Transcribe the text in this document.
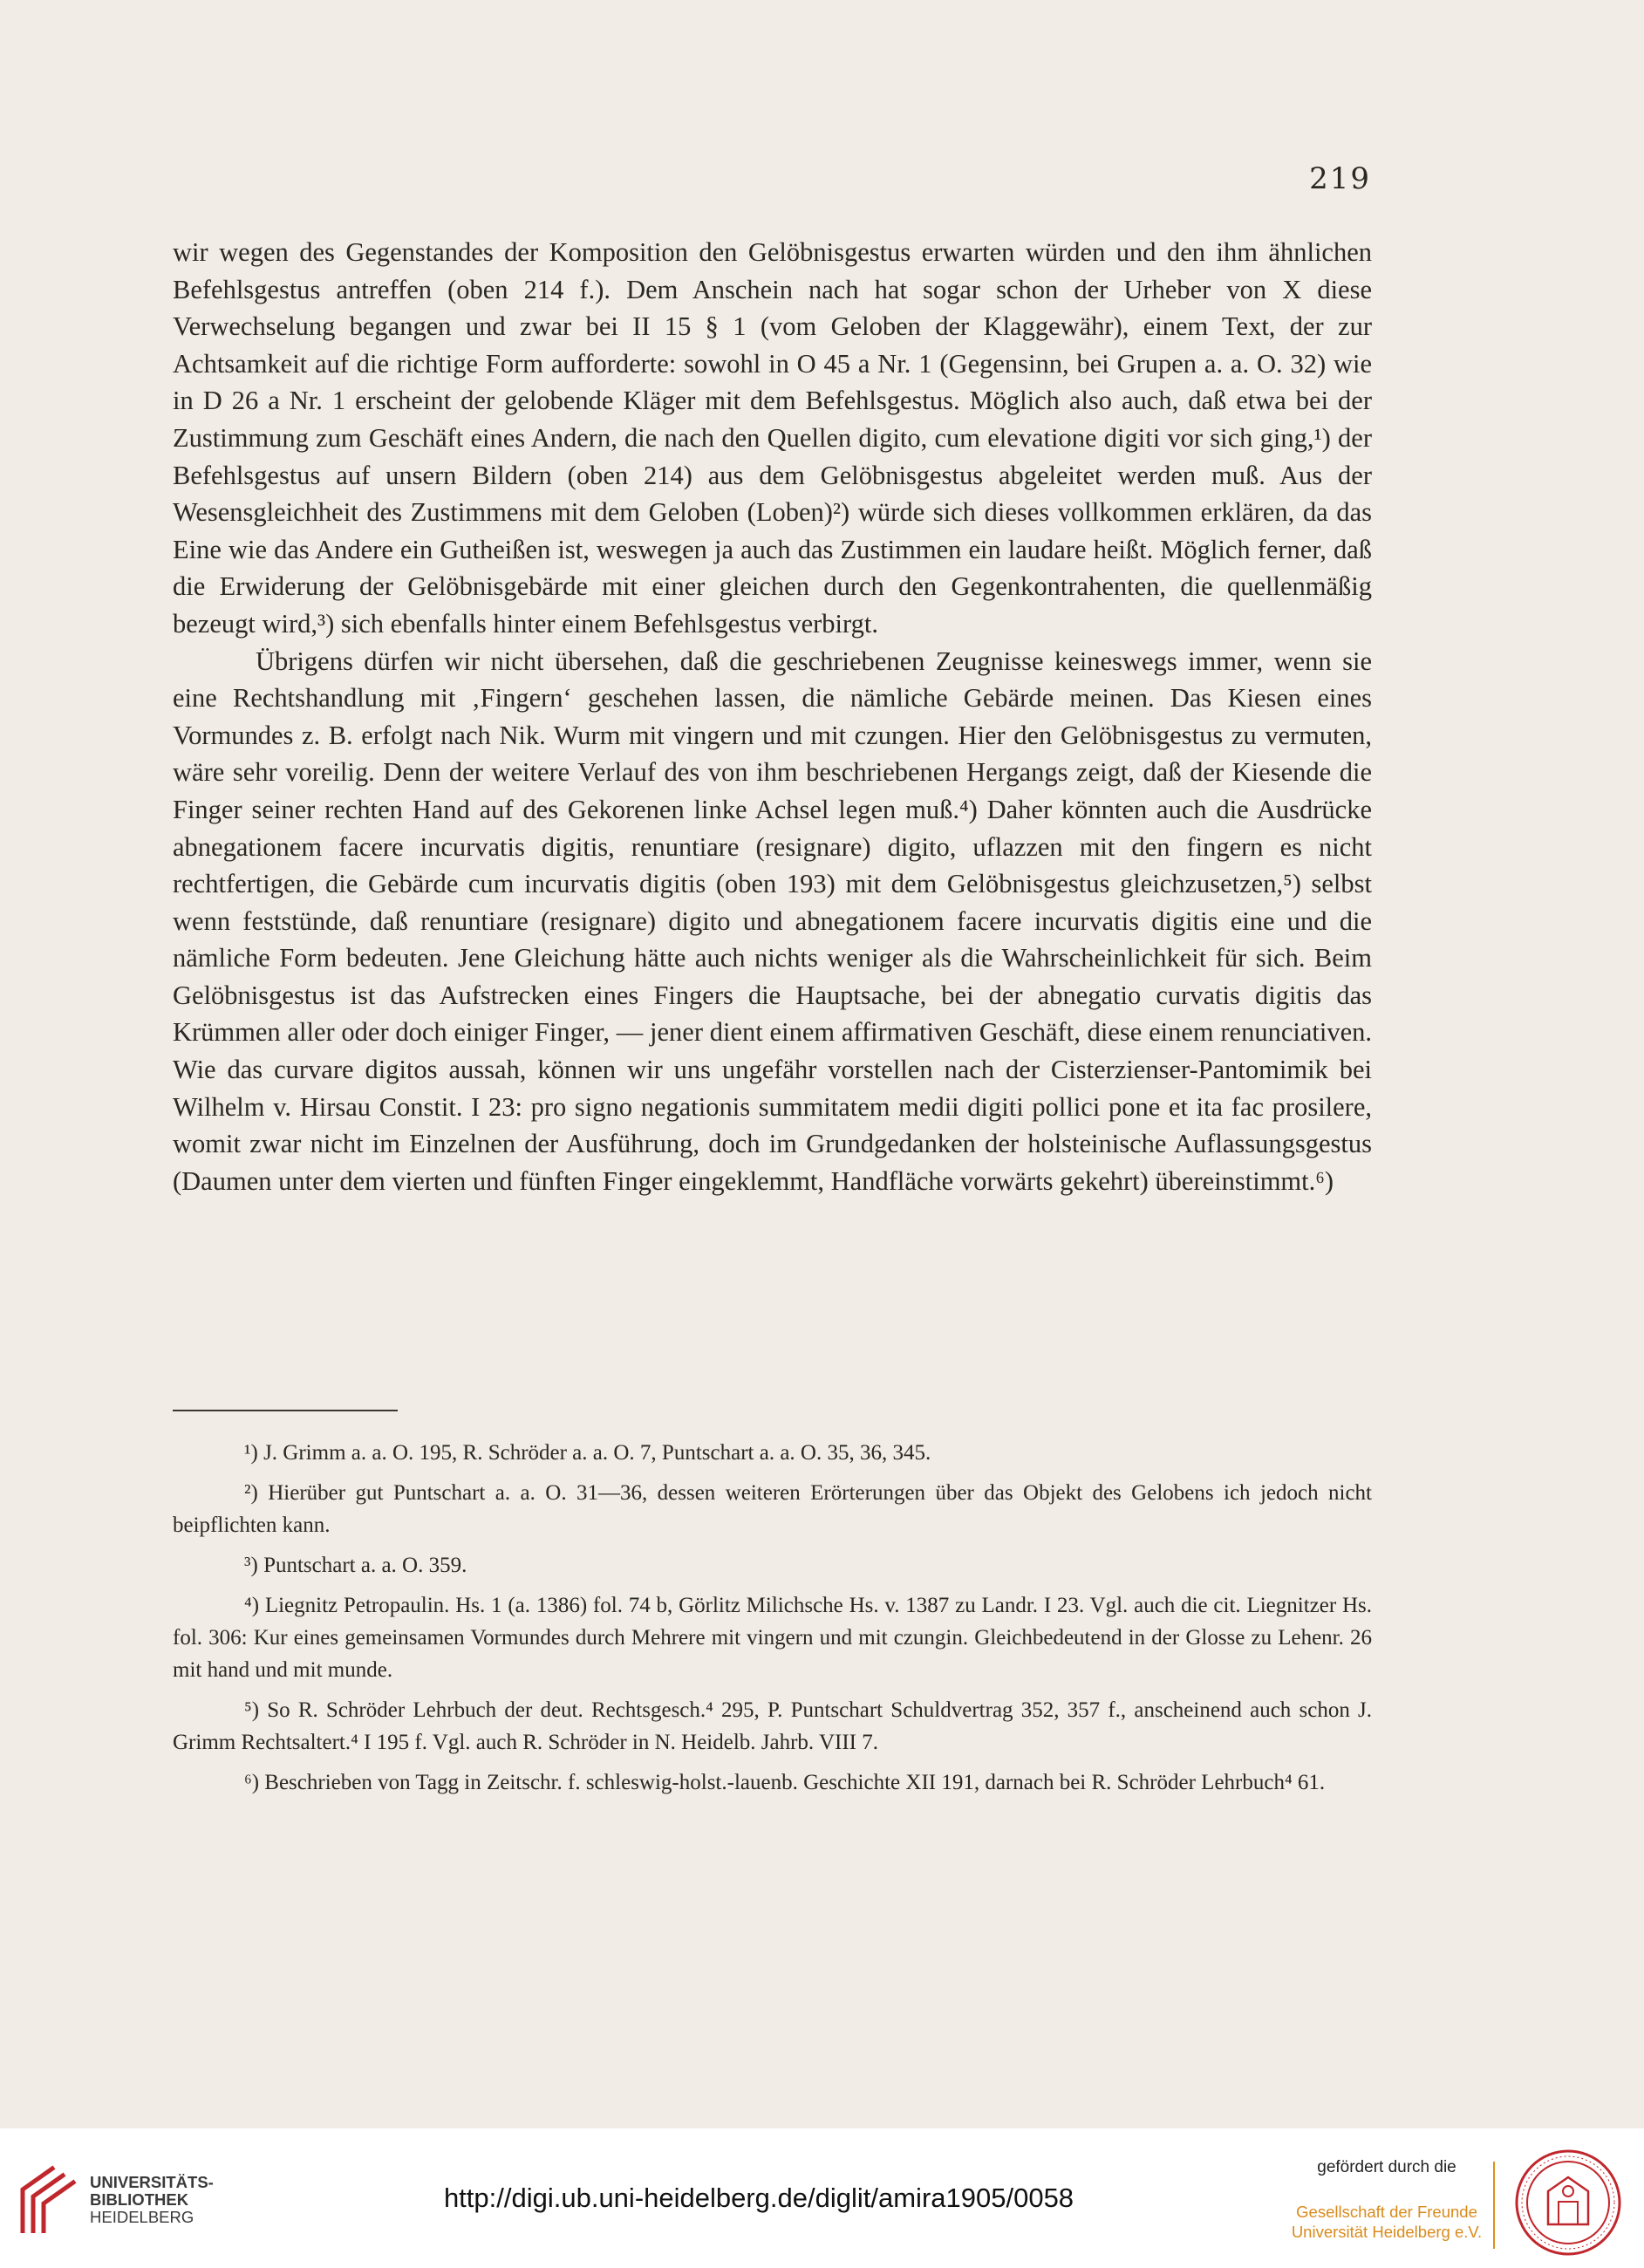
219

wir wegen des Gegenstandes der Komposition den Gelöbnisgestus erwarten würden und den ihm ähnlichen Befehlsgestus antreffen (oben 214 f.). Dem Anschein nach hat sogar schon der Urheber von X diese Verwechselung begangen und zwar bei II 15 § 1 (vom Geloben der Klaggewähr), einem Text, der zur Achtsamkeit auf die richtige Form aufforderte: sowohl in O 45 a Nr. 1 (Gegensinn, bei Grupen a. a. O. 32) wie in D 26 a Nr. 1 erscheint der gelobende Kläger mit dem Befehlsgestus. Möglich also auch, daß etwa bei der Zustimmung zum Geschäft eines Andern, die nach den Quellen digito, cum elevatione digiti vor sich ging,¹) der Befehlsgestus auf unsern Bildern (oben 214) aus dem Gelöbnisgestus abgeleitet werden muß. Aus der Wesensgleichheit des Zustimmens mit dem Geloben (Loben)²) würde sich dieses vollkommen erklären, da das Eine wie das Andere ein Gutheißen ist, weswegen ja auch das Zustimmen ein laudare heißt. Möglich ferner, daß die Erwiderung der Gelöbnisgebärde mit einer gleichen durch den Gegenkontrahenten, die quellenmäßig bezeugt wird,³) sich ebenfalls hinter einem Befehlsgestus verbirgt.

Übrigens dürfen wir nicht übersehen, daß die geschriebenen Zeugnisse keineswegs immer, wenn sie eine Rechtshandlung mit ‚Fingern‘ geschehen lassen, die nämliche Gebärde meinen. Das Kiesen eines Vormundes z. B. erfolgt nach Nik. Wurm mit vingern und mit czungen. Hier den Gelöbnisgestus zu vermuten, wäre sehr voreilig. Denn der weitere Verlauf des von ihm beschriebenen Hergangs zeigt, daß der Kiesende die Finger seiner rechten Hand auf des Gekorenen linke Achsel legen muß.⁴) Daher könnten auch die Ausdrücke abnegationem facere incurvatis digitis, renuntiare (resignare) digito, uflazzen mit den fingern es nicht rechtfertigen, die Gebärde cum incurvatis digitis (oben 193) mit dem Gelöbnisgestus gleichzusetzen,⁵) selbst wenn feststünde, daß renuntiare (resignare) digito und abnegationem facere incurvatis digitis eine und die nämliche Form bedeuten. Jene Gleichung hätte auch nichts weniger als die Wahrscheinlichkeit für sich. Beim Gelöbnisgestus ist das Aufstrecken eines Fingers die Hauptsache, bei der abnegatio curvatis digitis das Krümmen aller oder doch einiger Finger, — jener dient einem affirmativen Geschäft, diese einem renunciativen. Wie das curvare digitos aussah, können wir uns ungefähr vorstellen nach der Cisterzienser-Pantomimik bei Wilhelm v. Hirsau Constit. I 23: pro signo negationis summitatem medii digiti pollici pone et ita fac prosilere, womit zwar nicht im Einzelnen der Ausführung, doch im Grundgedanken der holsteinische Auflassungsgestus (Daumen unter dem vierten und fünften Finger eingeklemmt, Handfläche vorwärts gekehrt) übereinstimmt.⁶)

¹) J. Grimm a. a. O. 195, R. Schröder a. a. O. 7, Puntschart a. a. O. 35, 36, 345.

²) Hierüber gut Puntschart a. a. O. 31—36, dessen weiteren Erörterungen über das Objekt des Gelobens ich jedoch nicht beipflichten kann.

³) Puntschart a. a. O. 359.

⁴) Liegnitz Petropaulin. Hs. 1 (a. 1386) fol. 74 b, Görlitz Milichsche Hs. v. 1387 zu Landr. I 23. Vgl. auch die cit. Liegnitzer Hs. fol. 306: Kur eines gemeinsamen Vormundes durch Mehrere mit vingern und mit czungin. Gleichbedeutend in der Glosse zu Lehenr. 26 mit hand und mit munde.

⁵) So R. Schröder Lehrbuch der deut. Rechtsgesch.⁴ 295, P. Puntschart Schuldvertrag 352, 357 f., anscheinend auch schon J. Grimm Rechtsaltert.⁴ I 195 f. Vgl. auch R. Schröder in N. Heidelb. Jahrb. VIII 7.

⁶) Beschrieben von Tagg in Zeitschr. f. schleswig-holst.-lauenb. Geschichte XII 191, darnach bei R. Schröder Lehrbuch⁴ 61.

UNIVERSITÄTS-
BIBLIOTHEK
HEIDELBERG
http://digi.ub.uni-heidelberg.de/diglit/amira1905/0058
gefördert durch die
Gesellschaft der Freunde
Universität Heidelberg e.V.
